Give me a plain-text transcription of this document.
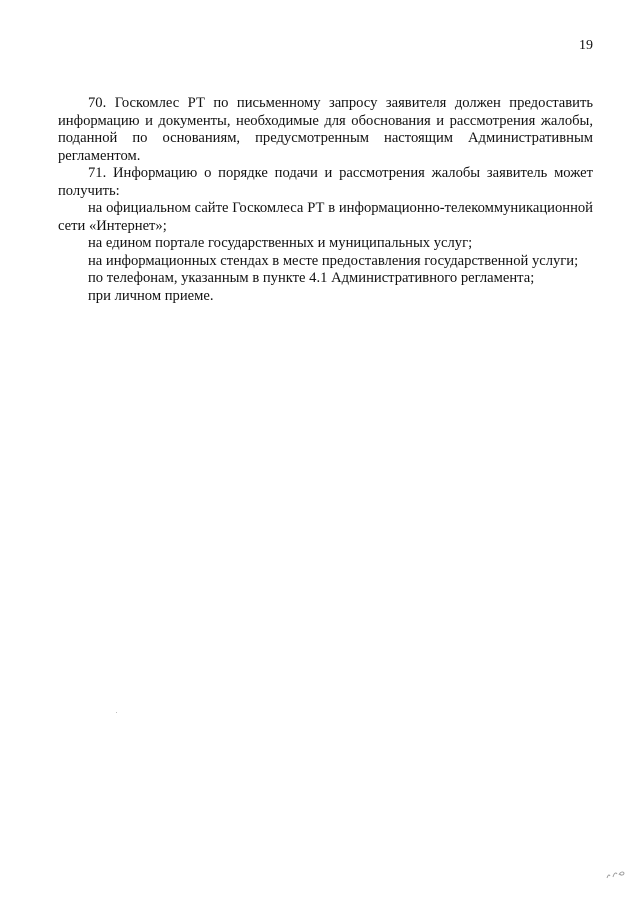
19

70. Госкомлес РТ по письменному запросу заявителя должен предоставить информацию и документы, необходимые для обоснования и рассмотрения жалобы, поданной по основаниям, предусмотренным настоящим Административным регламентом.

71. Информацию о порядке подачи и рассмотрения жалобы заявитель может получить:

на официальном сайте Госкомлеса РТ в информационно-телекоммуникационной сети «Интернет»;

на едином портале государственных и муниципальных услуг;

на информационных стендах в месте предоставления государственной услуги;

по телефонам, указанным в пункте 4.1 Административного регламента;

при личном приеме.
